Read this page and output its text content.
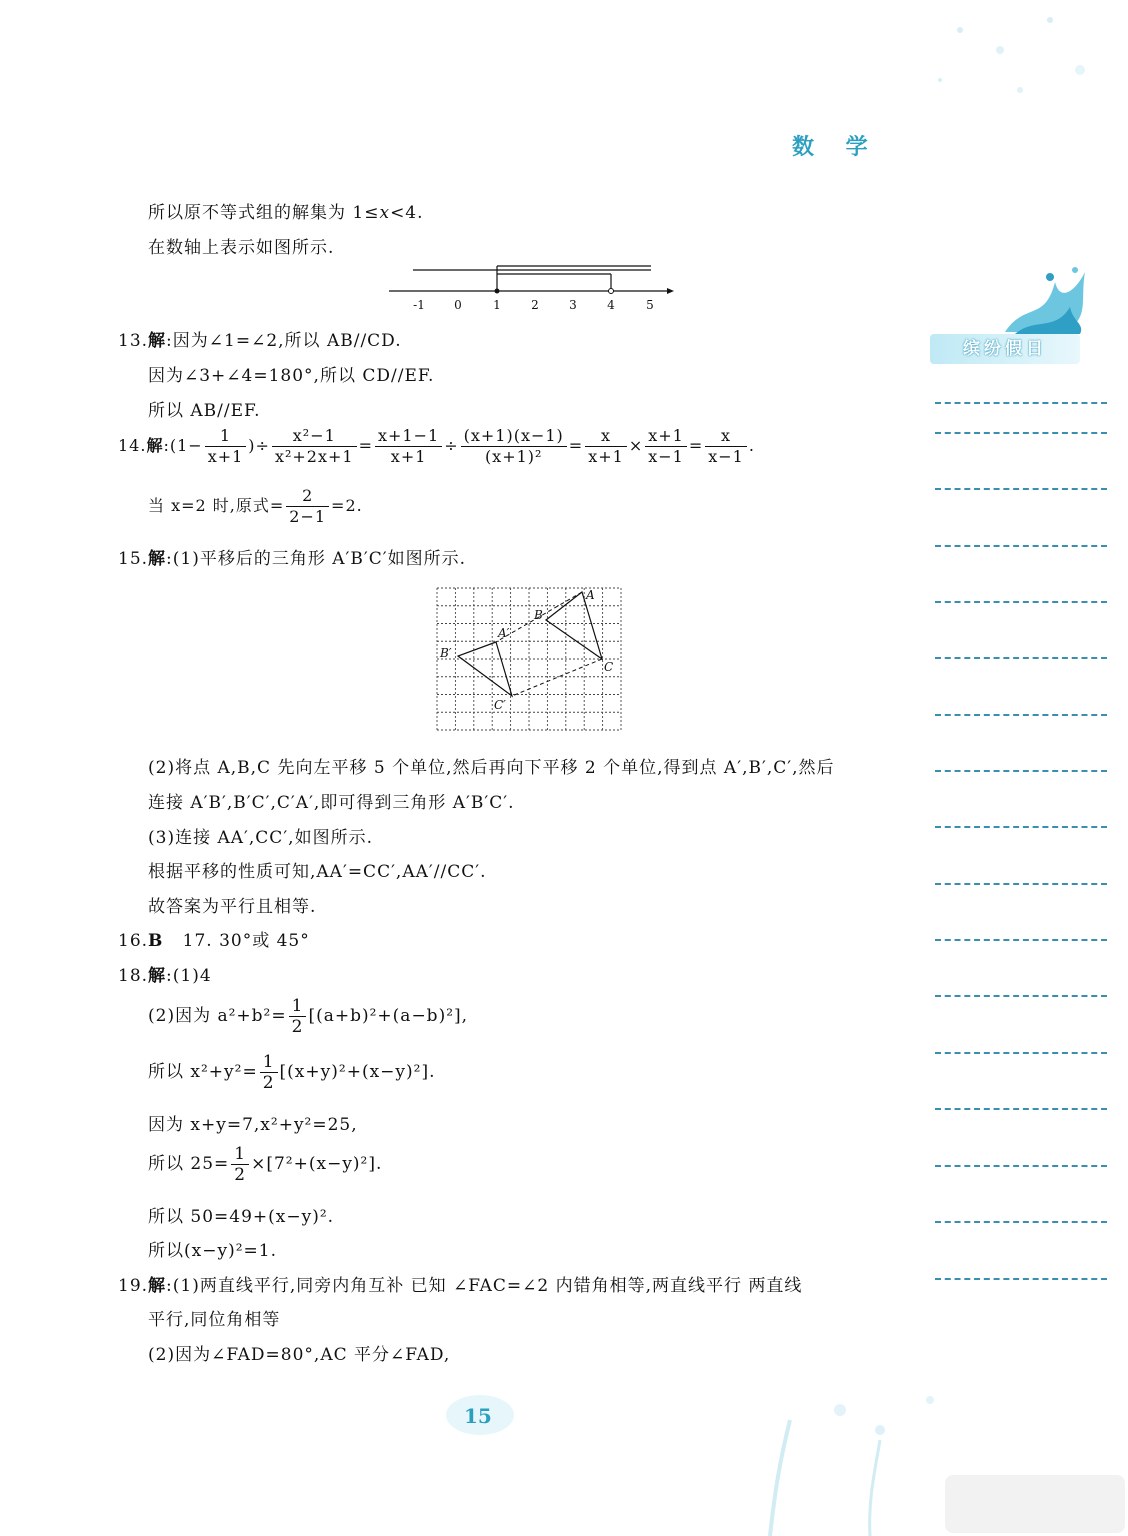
缤纷假日
数 学
所以原不等式组的解集为 1≤x<4.
在数轴上表示如图所示.
-1 0	1	2	3	4	5
13.解:因为∠1=∠2,所以 AB//CD.
因为∠3+∠4=180°,所以 CD//EF.
所以 AB//EF.
14.解:(1− $\frac{1}{x+1}$ )÷ $\frac{\text{x²−1}}{\text{x²+2x+1}} = \frac{x+1-1}{x+1} \div \frac{(x+1)(x-1)}{\text{(x+1)²}} = \frac{x}{x+1} \times \frac{x+1}{x-1} = \frac{x}{x-1}$ .
当 x=2 时,原式= $\frac{2}{2-1} =2$.
15.解:(1)平移后的三角形 A′B′C′如图所示.
A
B
C
A′
B′
C′
(2)将点 A,B,C 先向左平移 5 个单位,然后再向下平移 2 个单位,得到点 A′,B′,C′,然后
连接 A′B′,B′C′,C′A′,即可得到三角形 A′B′C′.
(3)连接 AA′,CC′,如图所示.
根据平移的性质可知,AA′=CC′,AA′//CC′.
故答案为平行且相等.
16.B 17. 30°或 45°
18.解:(1)4
(2)因为 $a^2+b^2= \frac{1}{2} [(a+b)^2+(a-b)^2]$,
所以 $x^2+y^2= \frac{1}{2} [(x+y)^2+(x-y)^2]$.
因为 x+y=7,x²+y²=25,
所以 $25= \frac{1}{2} \times[7^2+(x-y)^2]$.
所以 50=49+(x−y)².
所以(x−y)²=1.
19.解:(1)两直线平行,同旁内角互补 已知 ∠FAC=∠2 内错角相等,两直线平行 两直线
平行,同位角相等
(2)因为∠FAD=80°,AC 平分∠FAD,
15
